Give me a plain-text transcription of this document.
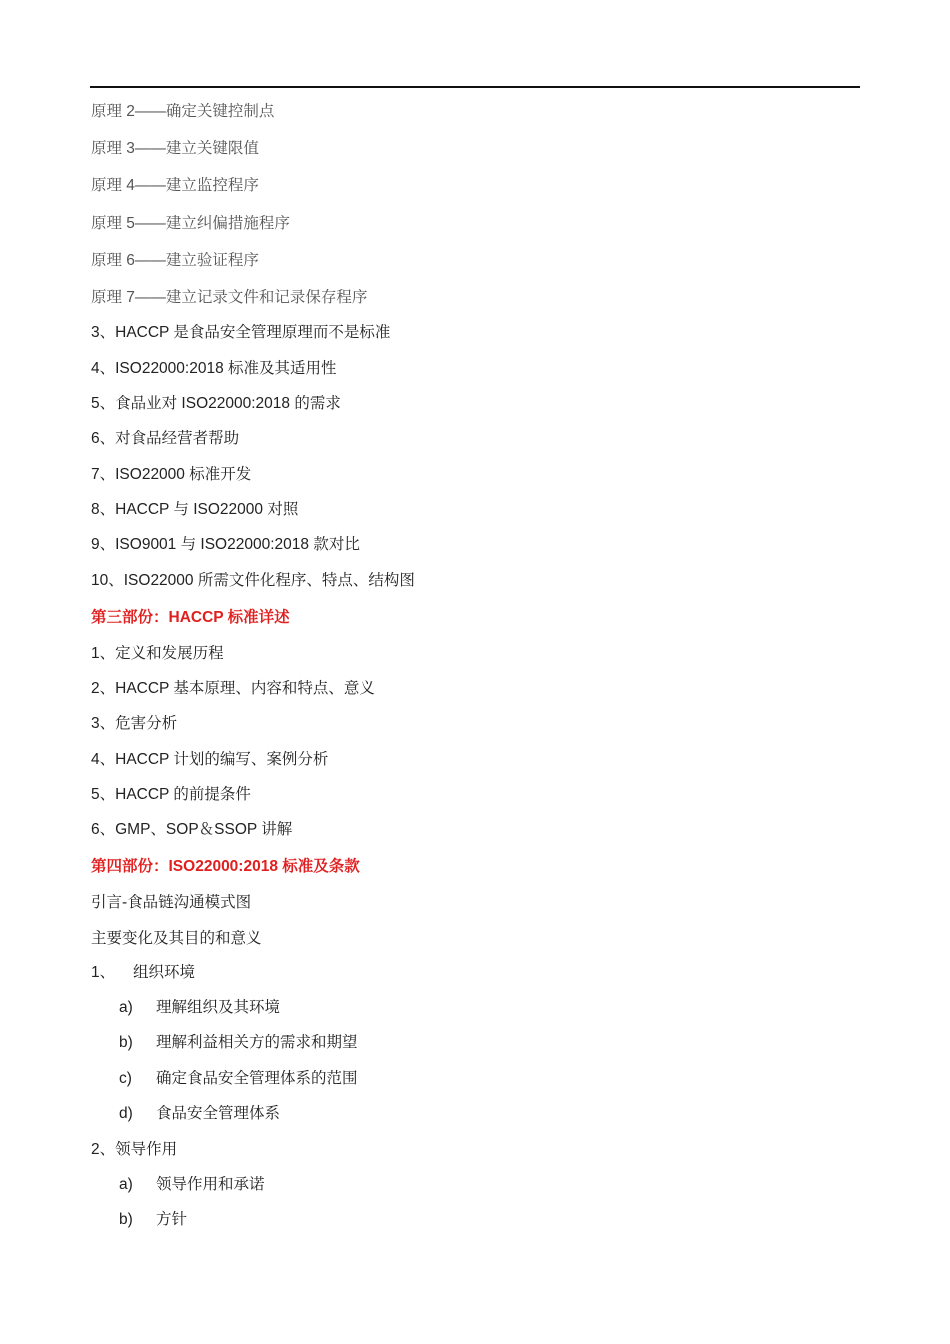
原理 2——确定关键控制点
原理 3——建立关键限值
原理 4——建立监控程序
原理 5——建立纠偏措施程序
原理 6——建立验证程序
原理 7——建立记录文件和记录保存程序
3、HACCP 是食品安全管理原理而不是标准
4、ISO22000:2018 标准及其适用性
5、食品业对 ISO22000:2018 的需求
6、对食品经营者帮助
7、ISO22000 标准开发
8、HACCP 与 ISO22000 对照
9、ISO9001 与 ISO22000:2018 款对比
10、ISO22000 所需文件化程序、特点、结构图
第三部份：HACCP 标准详述
1、定义和发展历程
2、HACCP 基本原理、内容和特点、意义
3、危害分析
4、HACCP 计划的编写、案例分析
5、HACCP 的前提条件
6、GMP、SOP＆SSOP 讲解
第四部份：ISO22000:2018 标准及条款
引言-食品链沟通模式图
主要变化及其目的和意义
1、 组织环境
a) 理解组织及其环境
b) 理解利益相关方的需求和期望
c) 确定食品安全管理体系的范围
d) 食品安全管理体系
2、领导作用
a) 领导作用和承诺
b) 方针
